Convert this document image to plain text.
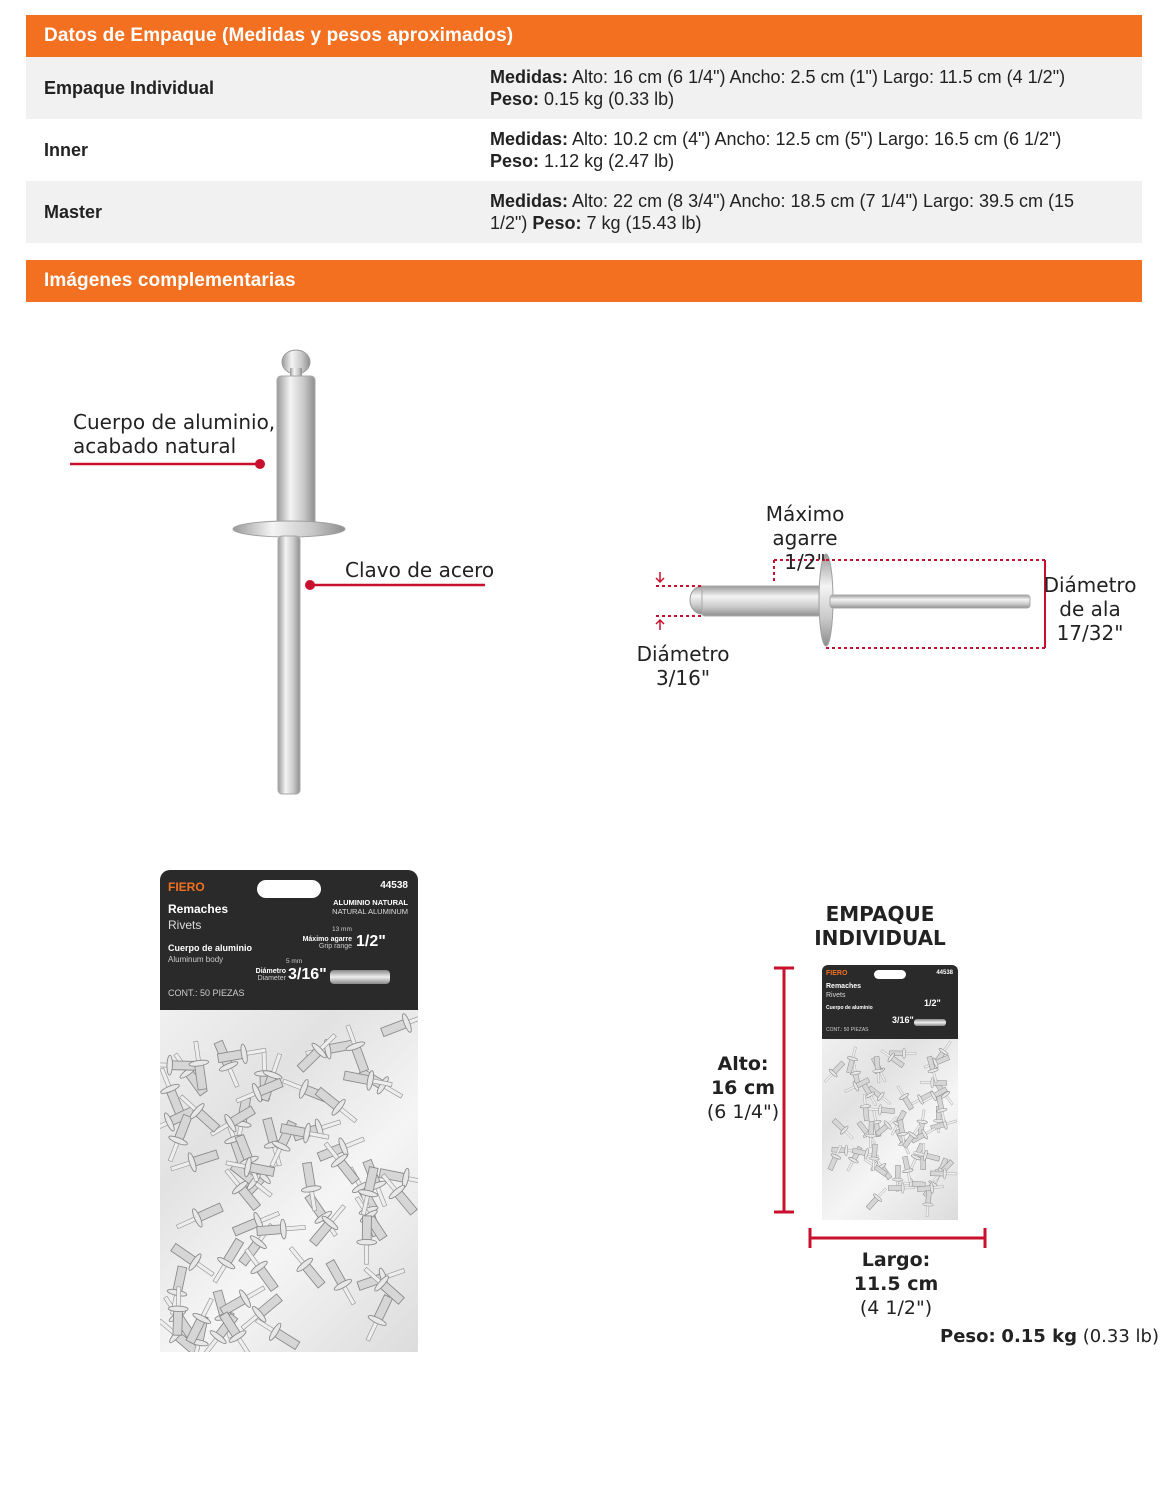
Datos de Empaque (Medidas y pesos aproximados)
Empaque Individual	Medidas: Alto: 16 cm (6 1/4") Ancho: 2.5 cm (1") Largo: 11.5 cm (4 1/2")
Peso: 0.15 kg (0.33 lb)
Inner	Medidas: Alto: 10.2 cm (4") Ancho: 12.5 cm (5") Largo: 16.5 cm (6 1/2")
Peso: 1.12 kg (2.47 lb)
Master	Medidas: Alto: 22 cm (8 3/4") Ancho: 18.5 cm (7 1/4") Largo: 39.5 cm (15 1/2") Peso: 7 kg (15.43 lb)
Imágenes complementarias
Cuerpo de aluminio,
acabado natural
Clavo de acero
Máximo agarre
1/2"
Diámetro
de ala
17/32"
Diámetro
3/16"
FIERO	44538
ALUMINIO NATURAL
NATURAL ALUMINUM
Remaches
Rivets
Cuerpo de aluminio
Aluminum body
13 mm
Máximo agarre
Grip range 1/2"
5 mm
Diámetro
Diameter 3/16"
CONT.: 50 PIEZAS
EMPAQUE INDIVIDUAL
FIERO	44538
Remaches
Rivets
Cuerpo de aluminio	1/2"
3/16"
CONT.: 50 PIEZAS
Alto:
16 cm
(6 1/4")
Largo:
11.5 cm
(4 1/2")
Peso: 0.15 kg (0.33 lb)
